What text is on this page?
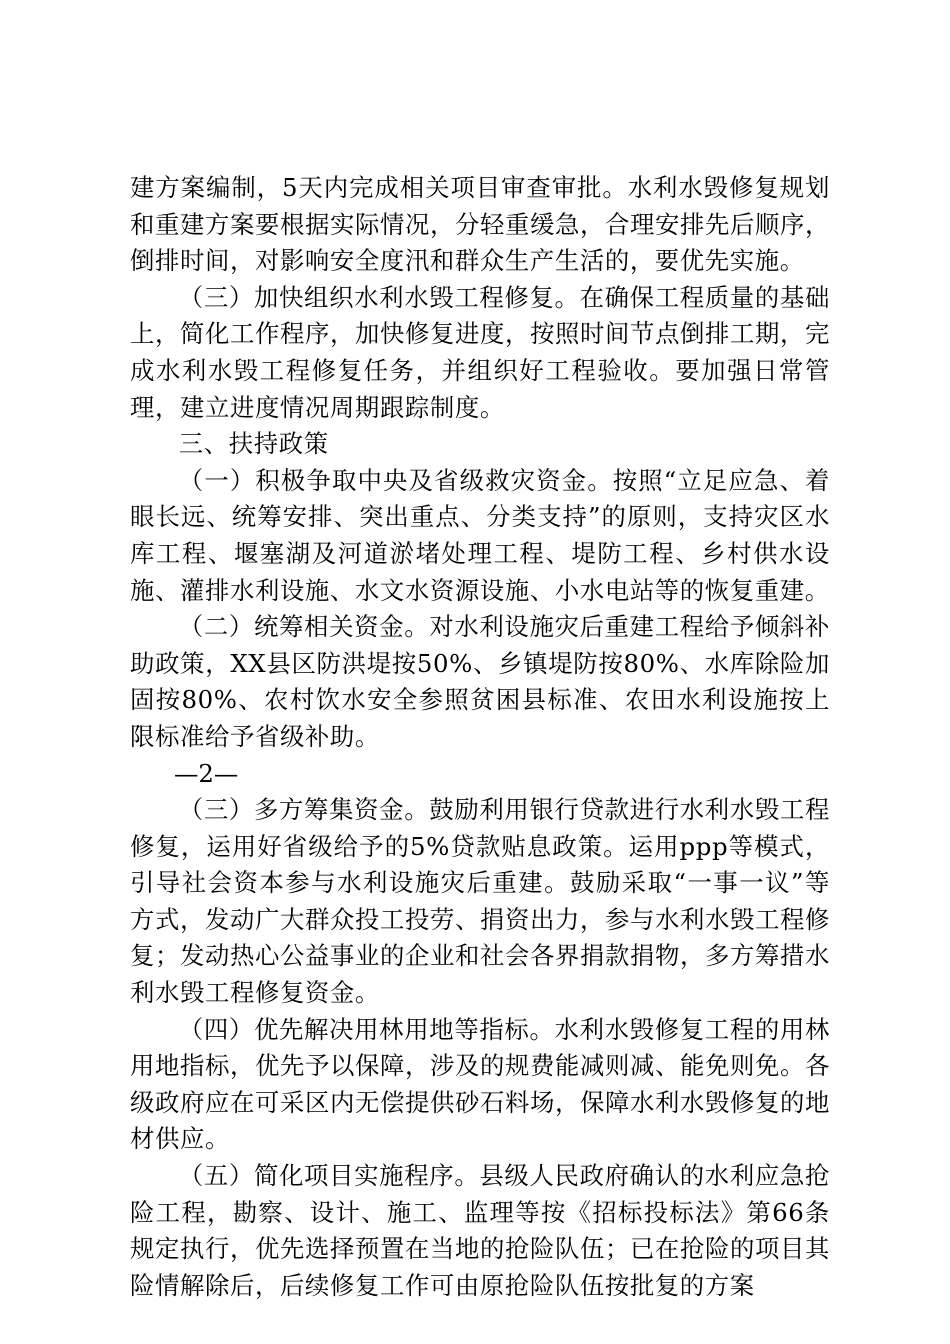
建方案编制，5天内完成相关项目审查审批。水利水毁修复规划和重建方案要根据实际情况，分轻重缓急，合理安排先后顺序，倒排时间，对影响安全度汛和群众生产生活的，要优先实施。

（三）加快组织水利水毁工程修复。在确保工程质量的基础上，简化工作程序，加快修复进度，按照时间节点倒排工期，完成水利水毁工程修复任务，并组织好工程验收。要加强日常管理，建立进度情况周期跟踪制度。

三、扶持政策

（一）积极争取中央及省级救灾资金。按照“立足应急、着眼长远、统筹安排、突出重点、分类支持”的原则，支持灾区水库工程、堰塞湖及河道淤堵处理工程、堤防工程、乡村供水设施、灌排水利设施、水文水资源设施、小水电站等的恢复重建。

（二）统筹相关资金。对水利设施灾后重建工程给予倾斜补助政策，XX县区防洪堤按50%、乡镇堤防按80%、水库除险加固按80%、农村饮水安全参照贫困县标准、农田水利设施按上限标准给予省级补助。

—2—

（三）多方筹集资金。鼓励利用银行贷款进行水利水毁工程修复，运用好省级给予的5%贷款贴息政策。运用ppp等模式，引导社会资本参与水利设施灾后重建。鼓励采取“一事一议”等方式，发动广大群众投工投劳、捐资出力，参与水利水毁工程修复；发动热心公益事业的企业和社会各界捐款捐物，多方筹措水利水毁工程修复资金。

（四）优先解决用林用地等指标。水利水毁修复工程的用林用地指标，优先予以保障，涉及的规费能减则减、能免则免。各级政府应在可采区内无偿提供砂石料场，保障水利水毁修复的地材供应。

（五）简化项目实施程序。县级人民政府确认的水利应急抢险工程，勘察、设计、施工、监理等按《招标投标法》第66条规定执行，优先选择预置在当地的抢险队伍；已在抢险的项目其险情解除后，后续修复工作可由原抢险队伍按批复的方案
